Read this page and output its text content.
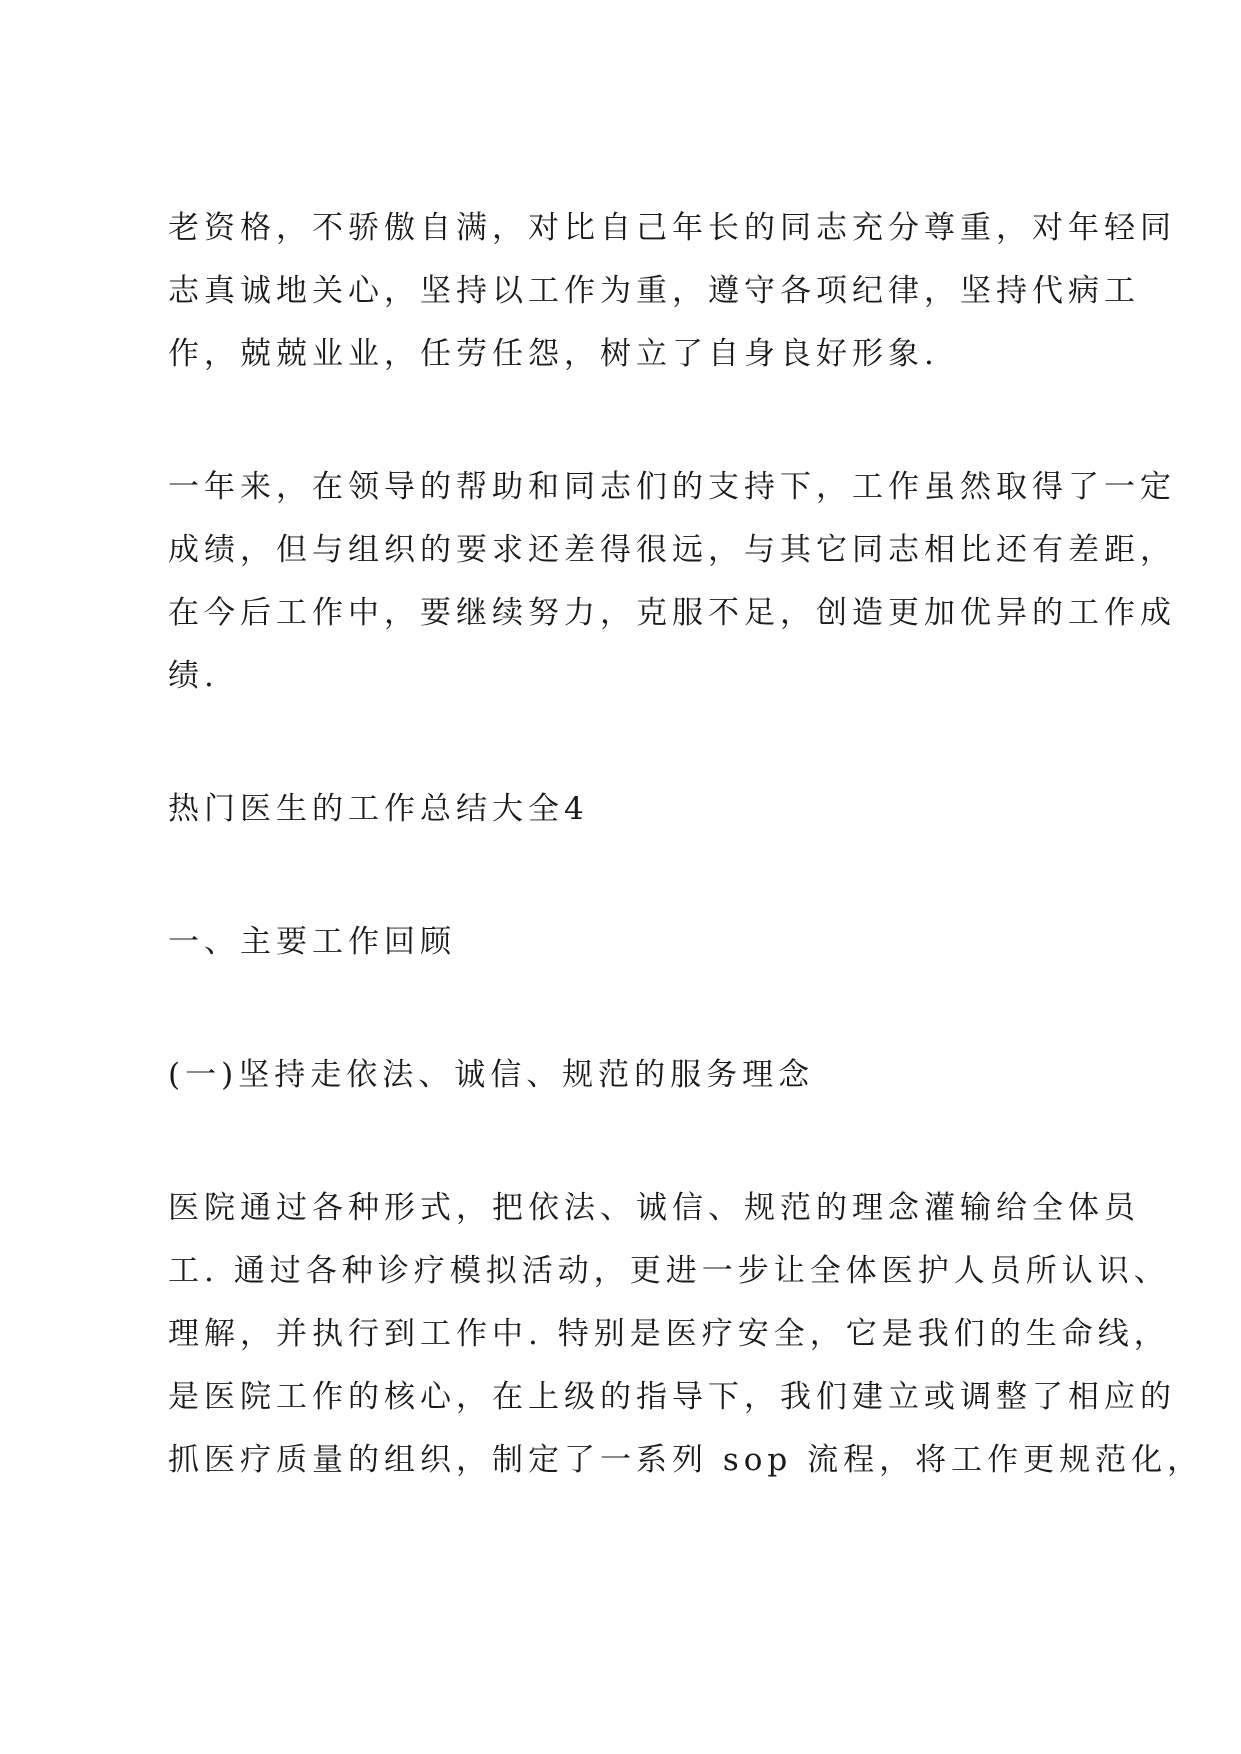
老资格，不骄傲自满，对比自己年长的同志充分尊重，对年轻同
志真诚地关心，坚持以工作为重，遵守各项纪律，坚持代病工
作，兢兢业业，任劳任怨，树立了自身良好形象.
一年来，在领导的帮助和同志们的支持下，工作虽然取得了一定
成绩，但与组织的要求还差得很远，与其它同志相比还有差距，
在今后工作中，要继续努力，克服不足，创造更加优异的工作成
绩.
热门医生的工作总结大全4
一、主要工作回顾
(一)坚持走依法、诚信、规范的服务理念
医院通过各种形式，把依法、诚信、规范的理念灌输给全体员
工. 通过各种诊疗模拟活动，更进一步让全体医护人员所认识、
理解，并执行到工作中. 特别是医疗安全，它是我们的生命线，
是医院工作的核心，在上级的指导下，我们建立或调整了相应的
抓医疗质量的组织，制定了一系列 sop 流程，将工作更规范化，
